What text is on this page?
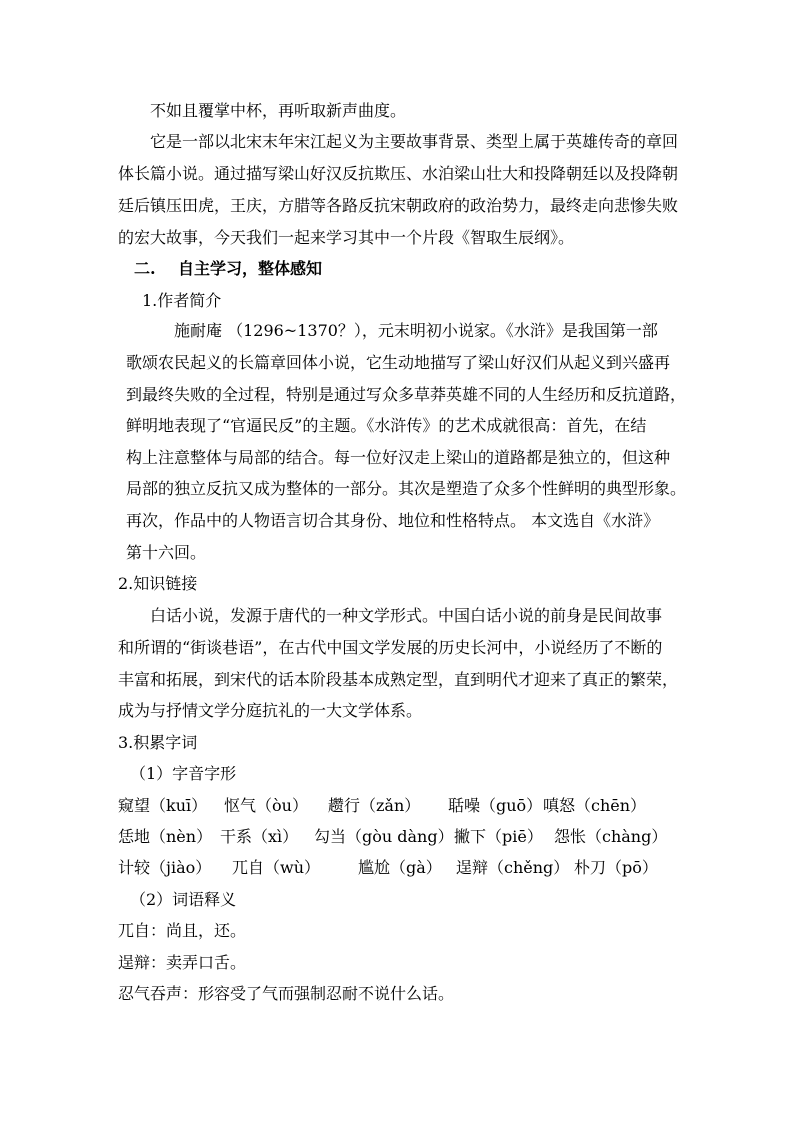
不如且覆掌中杯，再听取新声曲度。
它是一部以北宋末年宋江起义为主要故事背景、类型上属于英雄传奇的章回
体长篇小说。通过描写梁山好汉反抗欺压、水泊梁山壮大和投降朝廷以及投降朝
廷后镇压田虎，王庆，方腊等各路反抗宋朝政府的政治势力，最终走向悲惨失败
的宏大故事，今天我们一起来学习其中一个片段《智取生辰纲》。
二. 自主学习，整体感知
1.作者简介
施耐庵 （1296~1370？），元末明初小说家。《水浒》是我国第一部
歌颂农民起义的长篇章回体小说，它生动地描写了梁山好汉们从起义到兴盛再
到最终失败的全过程，特别是通过写众多草莽英雄不同的人生经历和反抗道路，
鲜明地表现了“官逼民反”的主题。《水浒传》的艺术成就很高：首先，在结
构上注意整体与局部的结合。每一位好汉走上梁山的道路都是独立的，但这种
局部的独立反抗又成为整体的一部分。其次是塑造了众多个性鲜明的典型形象。
再次，作品中的人物语言切合其身份、地位和性格特点。 本文选自《水浒》
第十六回。
2.知识链接
白话小说，发源于唐代的一种文学形式。中国白话小说的前身是民间故事
和所谓的“街谈巷语”，在古代中国文学发展的历史长河中，小说经历了不断的
丰富和拓展，到宋代的话本阶段基本成熟定型，直到明代才迎来了真正的繁荣，
成为与抒情文学分庭抗礼的一大文学体系。
3.积累字词
（1）字音字形
窥望（kuī） 怄气（òu） 趱行（zǎn） 聒噪（guō） 嗔怒（chēn）
恁地（nèn） 干系（xì） 勾当（gòu dàng） 撇下（piē） 怨怅（chàng）
计较（jiào） 兀自（wù） 尴尬（gà） 逞辩（chěng） 朴刀（pō）
（2）词语释义
兀自：尚且，还。
逞辩：卖弄口舌。
忍气吞声：形容受了气而强制忍耐不说什么话。
